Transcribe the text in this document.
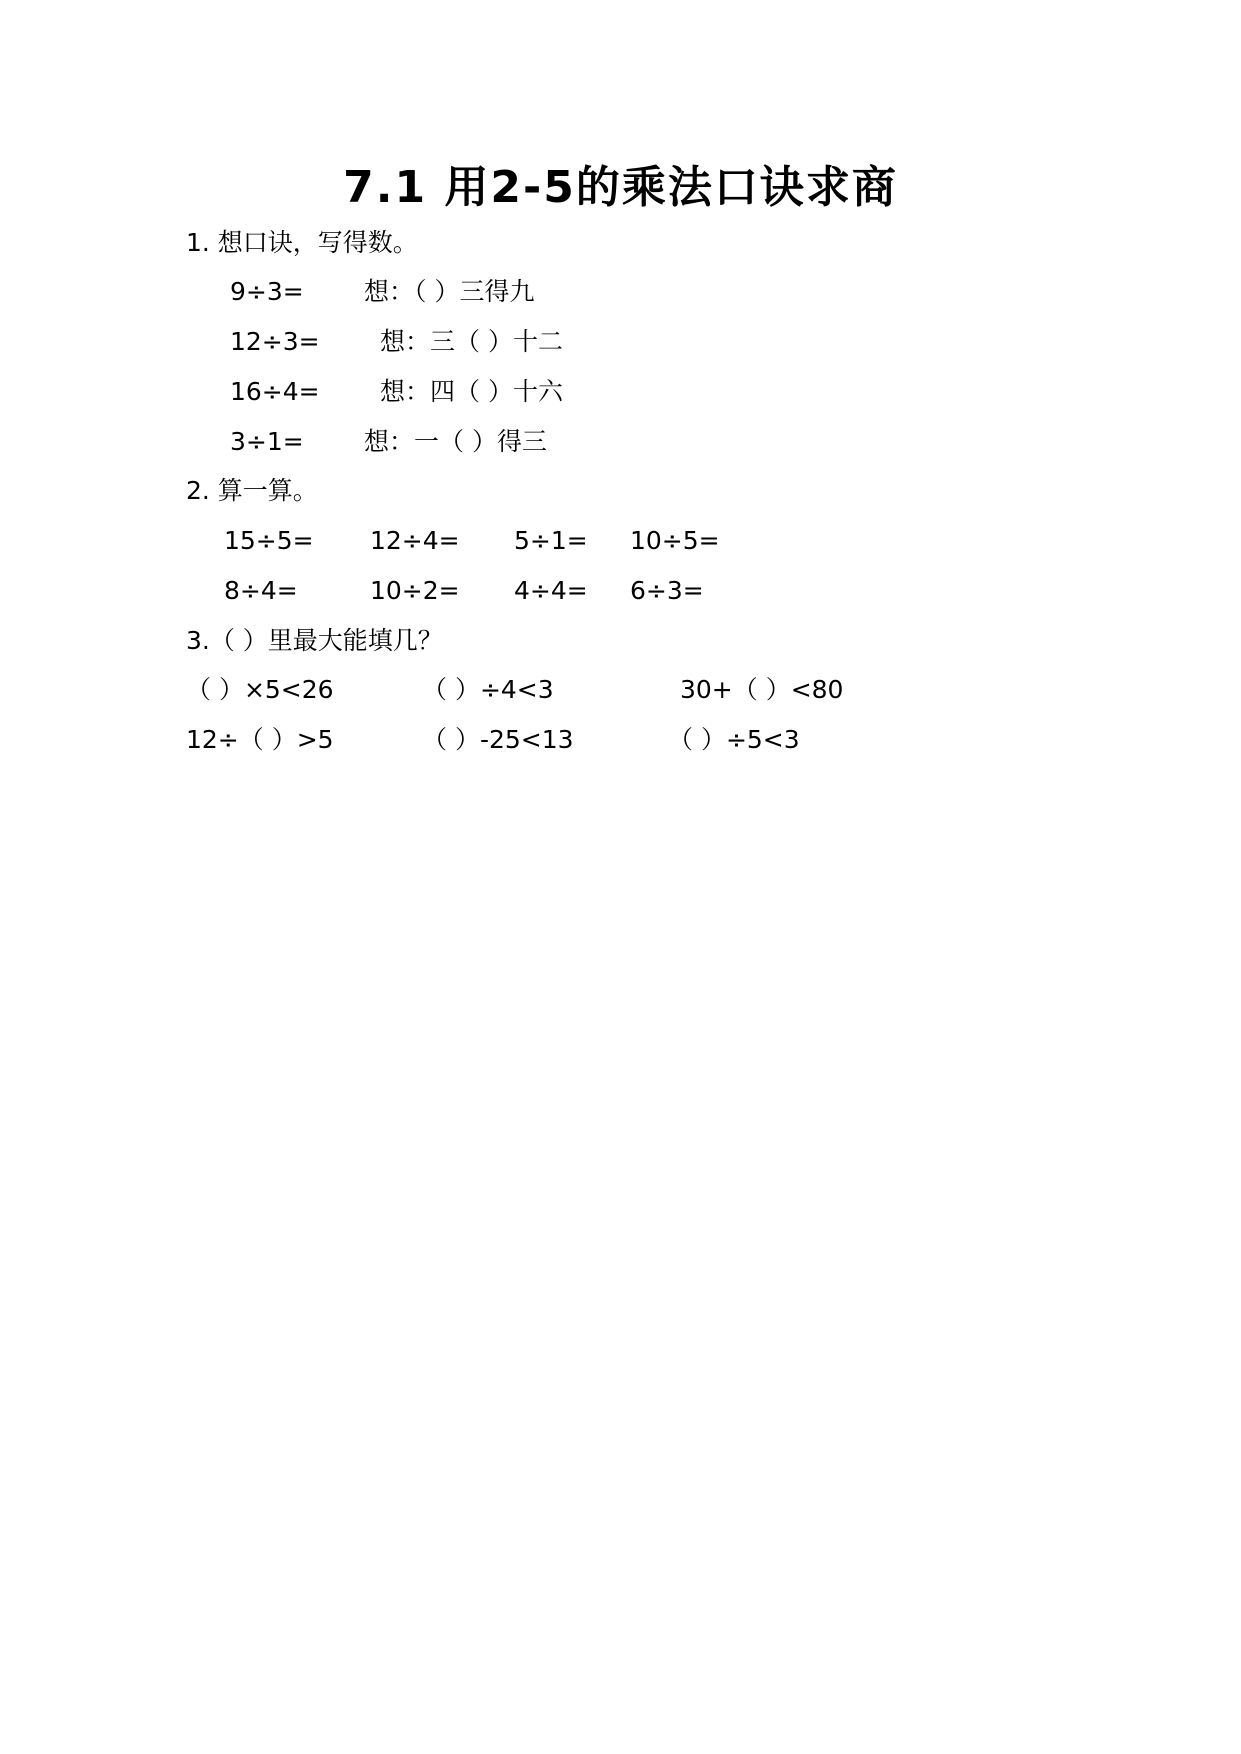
7.1 用2-5的乘法口诀求商
1. 想口诀，写得数。
9÷3= 想：（ ）三得九
12÷3= 想：三（ ）十二
16÷4= 想：四（ ）十六
3÷1= 想：一（ ）得三
2. 算一算。
15÷5= 12÷4= 5÷1= 10÷5=
8÷4=	10÷2= 4÷4= 6÷3=
3.（ ）里最大能填几？
（ ）×5<26	（ ）÷4<3	30+（ ）<80
12÷（ ）>5	（ ）-25<13	（ ）÷5<3
